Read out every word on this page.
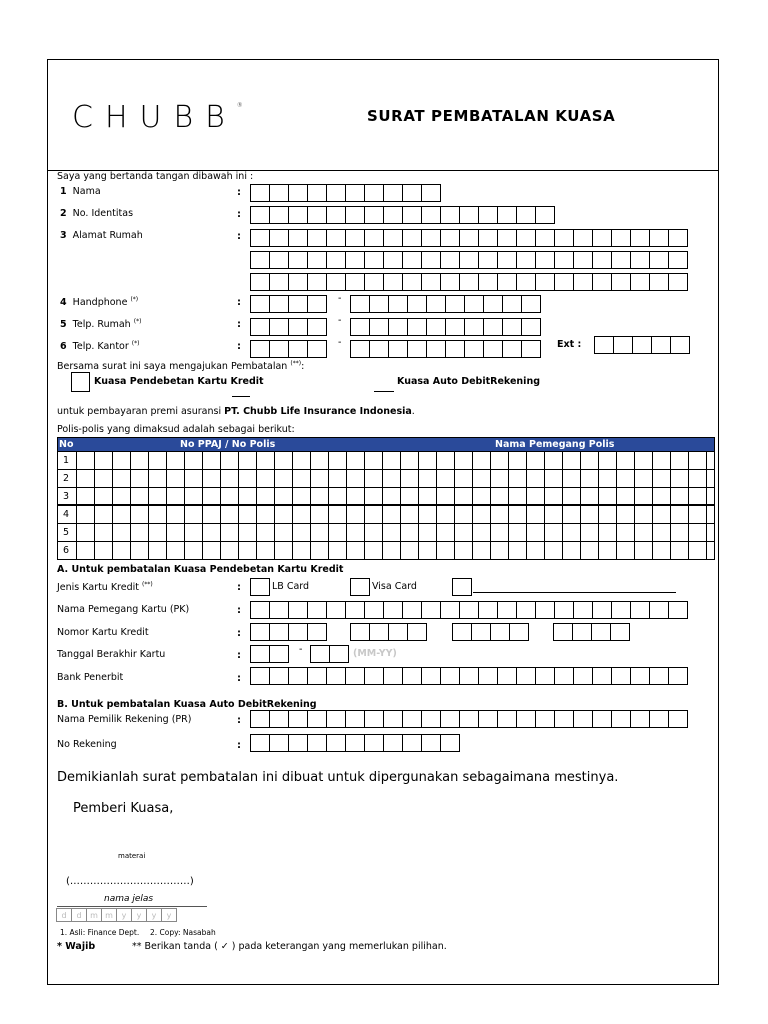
CHUBB®
SURAT PEMBATALAN KUASA
Saya yang bertanda tangan dibawah ini :
1 Nama	:
2 No. Identitas	:
3 Alamat Rumah	:
4 Handphone (*)	:	-
5 Telp. Rumah (*)	:	-
6 Telp. Kantor (*)	:	-	Ext :
Bersama surat ini saya mengajukan Pembatalan (**):
Kuasa Pendebetan Kartu Kredit	Kuasa Auto DebitRekening
untuk pembayaran premi asuransi PT. Chubb Life Insurance Indonesia.
Polis-polis yang dimaksud adalah sebagai berikut:
No	No PPAJ / No Polis	Nama Pemegang Polis
1
2
3
4
5
6
A. Untuk pembatalan Kuasa Pendebetan Kartu Kredit
Jenis Kartu Kredit (**)	:	LB Card	Visa Card
Nama Pemegang Kartu (PK)	:
Nomor Kartu Kredit	:
Tanggal Berakhir Kartu	:
-	(MM-YY)
Bank Penerbit	:
B. Untuk pembatalan Kuasa Auto DebitRekening
Nama Pemilik Rekening (PR)	:
No Rekening	:
Demikianlah surat pembatalan ini dibuat untuk dipergunakan sebagaimana mestinya.
Pemberi Kuasa,
materai
(………………………………)
nama jelas
d	d	m m	y	y	y	y
1. Asli: Finance Dept. 2. Copy: Nasabah
* Wajib	** Berikan tanda ( ✓ ) pada keterangan yang memerlukan pilihan.
